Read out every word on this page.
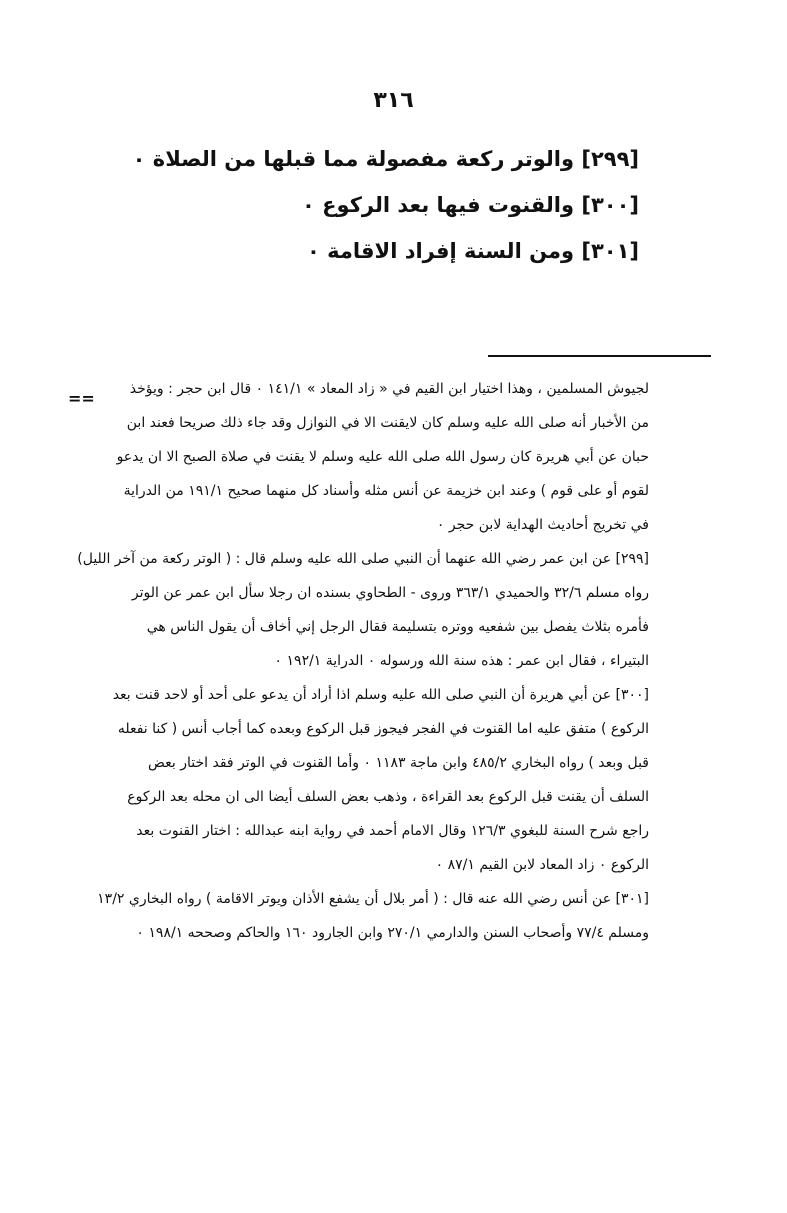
٣١٦
[٢٩٩] والوتر ركعة مفصولة مما قبلها من الصلاة ٠
[٣٠٠] والقنوت فيها بعد الركوع ٠
[٣٠١] ومن السنة إفراد الاقامة ٠
==	لجيوش المسلمين ، وهذا اختيار ابن القيم في « زاد المعاد » ١٤١/١ ٠ قال ابن حجر : ويؤخذ
من الأخبار أنه صلى الله عليه وسلم كان لايقنت الا في النوازل وقد جاء ذلك صريحا فعند ابن
حبان عن أبي هريرة كان رسول الله صلى الله عليه وسلم لا يقنت في صلاة الصبح الا ان يدعو
لقوم أو على قوم ) وعند ابن خزيمة عن أنس مثله وأسناد كل منهما صحيح ١٩١/١ من الدراية
في تخريج أحاديث الهداية لابن حجر ٠
[٢٩٩] عن ابن عمر رضي الله عنهما أن النبي صلى الله عليه وسلم قال : ( الوتر ركعة من آخر الليل)
رواه مسلم ٣٢/٦ والحميدي ٣٦٣/١ وروى - الطحاوي بسنده ان رجلا سأل ابن عمر عن الوتر
فأمره بثلاث يفصل بين شفعيه ووتره بتسليمة فقال الرجل إني أخاف أن يقول الناس هي
البتيراء ، فقال ابن عمر : هذه سنة الله ورسوله ٠ الدراية ١٩٢/١ ٠
[٣٠٠] عن أبي هريرة أن النبي صلى الله عليه وسلم اذا أراد أن يدعو على أحد أو لاحد قنت بعد
الركوع ) متفق عليه اما القنوت في الفجر فيجوز قبل الركوع وبعده كما أجاب أنس ( كنا نفعله
قبل وبعد ) رواه البخاري ٤٨٥/٢ وابن ماجة ١١٨٣ ٠ وأما القنوت في الوتر فقد اختار بعض
السلف أن يقنت قبل الركوع بعد القراءة ، وذهب بعض السلف أيضا الى ان محله بعد الركوع
راجع شرح السنة للبغوي ١٢٦/٣ وقال الامام أحمد في رواية ابنه عبدالله : اختار القنوت بعد
الركوع ٠ زاد المعاد لابن القيم ٨٧/١ ٠
[٣٠١] عن أنس رضي الله عنه قال : ( أمر بلال أن يشفع الأذان ويوتر الاقامة ) رواه البخاري ١٣/٢
ومسلم ٧٧/٤ وأصحاب السنن والدارمي ٢٧٠/١ وابن الجارود ١٦٠ والحاكم وصححه ١٩٨/١ ٠
